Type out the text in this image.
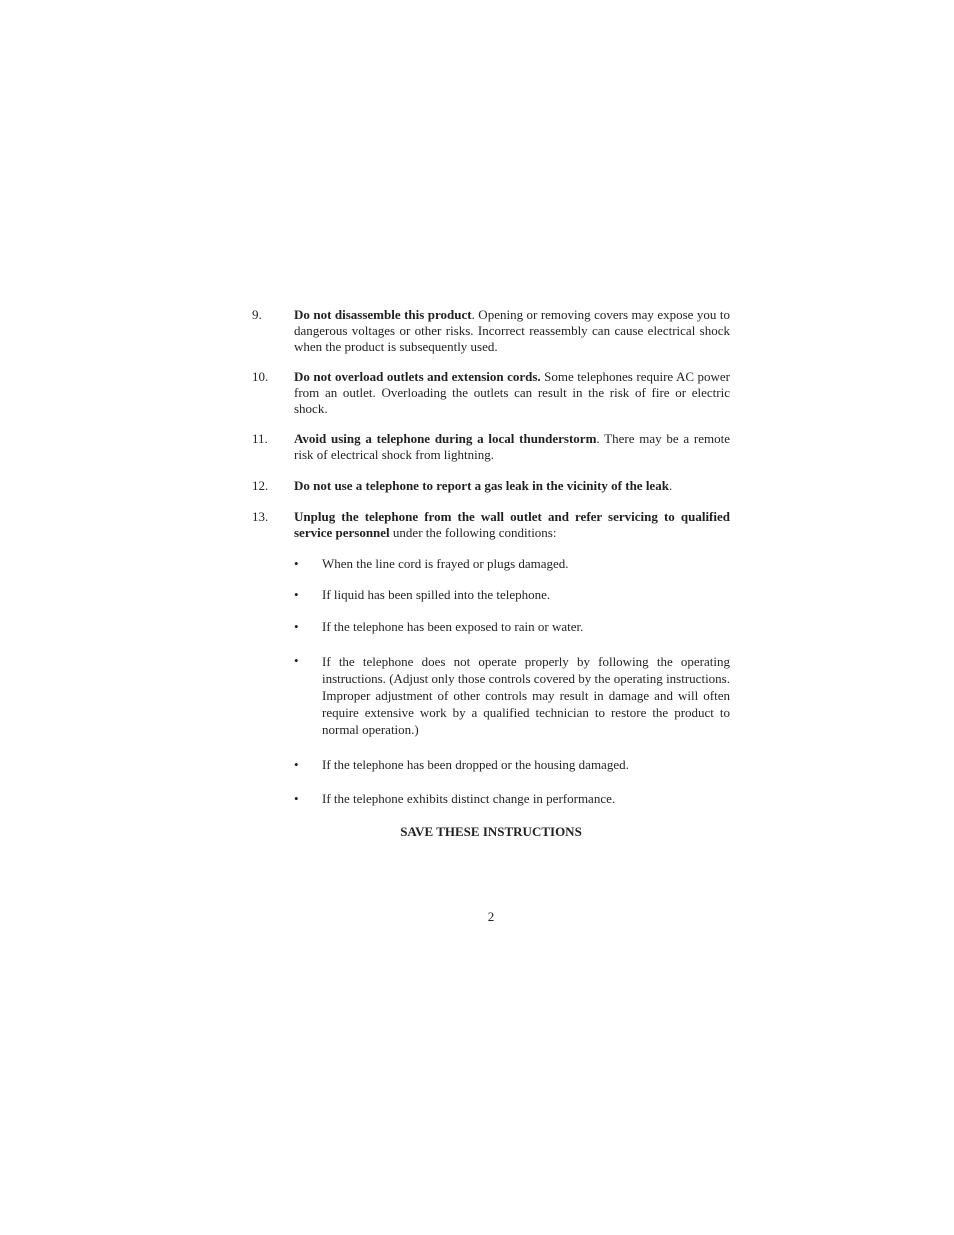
9. Do not disassemble this product. Opening or removing covers may expose you to dangerous voltages or other risks. Incorrect reassembly can cause electrical shock when the product is subsequently used.
10. Do not overload outlets and extension cords. Some telephones require AC power from an outlet. Overloading the outlets can result in the risk of fire or electric shock.
11. Avoid using a telephone during a local thunderstorm. There may be a remote risk of electrical shock from lightning.
12. Do not use a telephone to report a gas leak in the vicinity of the leak.
13. Unplug the telephone from the wall outlet and refer servicing to qualified service personnel under the following conditions:
• When the line cord is frayed or plugs damaged.
• If liquid has been spilled into the telephone.
• If the telephone has been exposed to rain or water.
• If the telephone does not operate properly by following the operating instructions. (Adjust only those controls covered by the operating instructions. Improper adjustment of other controls may result in damage and will often require extensive work by a qualified technician to restore the product to normal operation.)
• If the telephone has been dropped or the housing damaged.
• If the telephone exhibits distinct change in performance.
SAVE THESE INSTRUCTIONS
2
